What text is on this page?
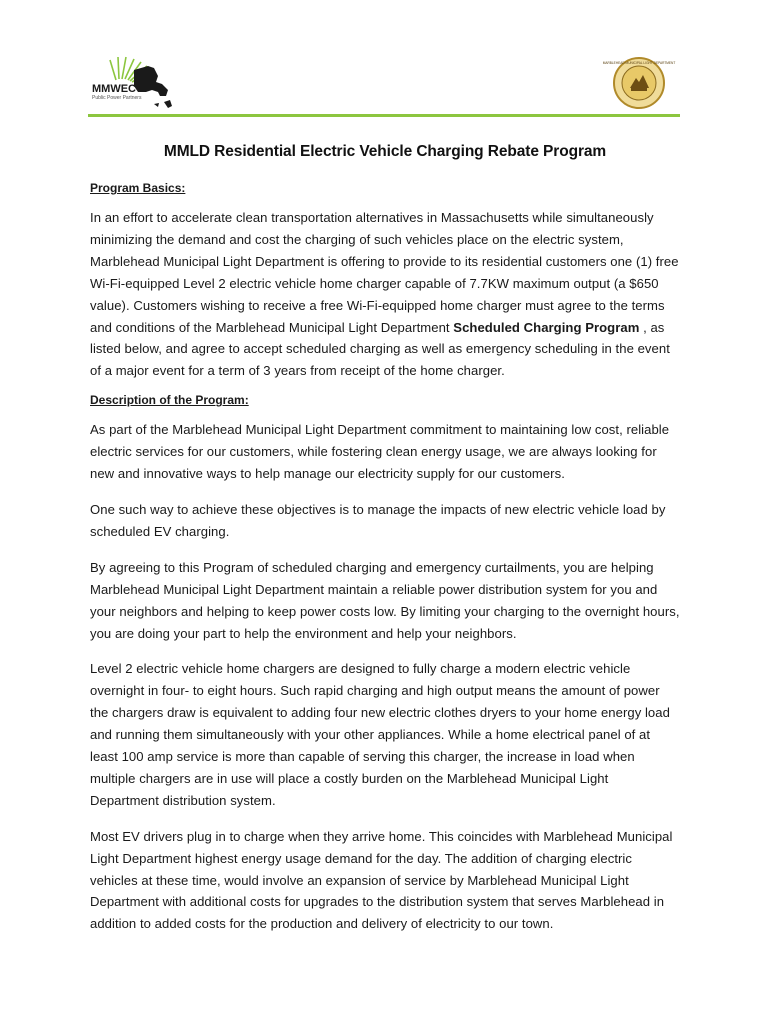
MMWEC
Public Power Partners
MARBLEHEAD MUNICIPAL LIGHT DEPARTMENT
MMLD Residential Electric Vehicle Charging Rebate Program
Program Basics:

In an effort to accelerate clean transportation alternatives in Massachusetts while simultaneously minimizing the demand and cost the charging of such vehicles place on the electric system, Marblehead Municipal Light Department is offering to provide to its residential customers one (1) free Wi-Fi-equipped Level 2 electric vehicle home charger capable of 7.7KW maximum output (a $650 value). Customers wishing to receive a free Wi-Fi-equipped home charger must agree to the terms and conditions of the Marblehead Municipal Light Department Scheduled Charging Program , as listed below, and agree to accept scheduled charging as well as emergency scheduling in the event of a major event for a term of 3 years from receipt of the home charger.

Description of the Program:

As part of the Marblehead Municipal Light Department commitment to maintaining low cost, reliable electric services for our customers, while fostering clean energy usage, we are always looking for new and innovative ways to help manage our electricity supply for our customers.

One such way to achieve these objectives is to manage the impacts of new electric vehicle load by scheduled EV charging.

By agreeing to this Program of scheduled charging and emergency curtailments, you are helping Marblehead Municipal Light Department maintain a reliable power distribution system for you and your neighbors and helping to keep power costs low. By limiting your charging to the overnight hours, you are doing your part to help the environment and help your neighbors.

Level 2 electric vehicle home chargers are designed to fully charge a modern electric vehicle overnight in four- to eight hours. Such rapid charging and high output means the amount of power the chargers draw is equivalent to adding four new electric clothes dryers to your home energy load and running them simultaneously with your other appliances. While a home electrical panel of at least 100 amp service is more than capable of serving this charger, the increase in load when multiple chargers are in use will place a costly burden on the Marblehead Municipal Light Department distribution system.

Most EV drivers plug in to charge when they arrive home. This coincides with Marblehead Municipal Light Department highest energy usage demand for the day. The addition of charging electric vehicles at these time, would involve an expansion of service by Marblehead Municipal Light Department with additional costs for upgrades to the distribution system that serves Marblehead in addition to added costs for the production and delivery of electricity to our town.
